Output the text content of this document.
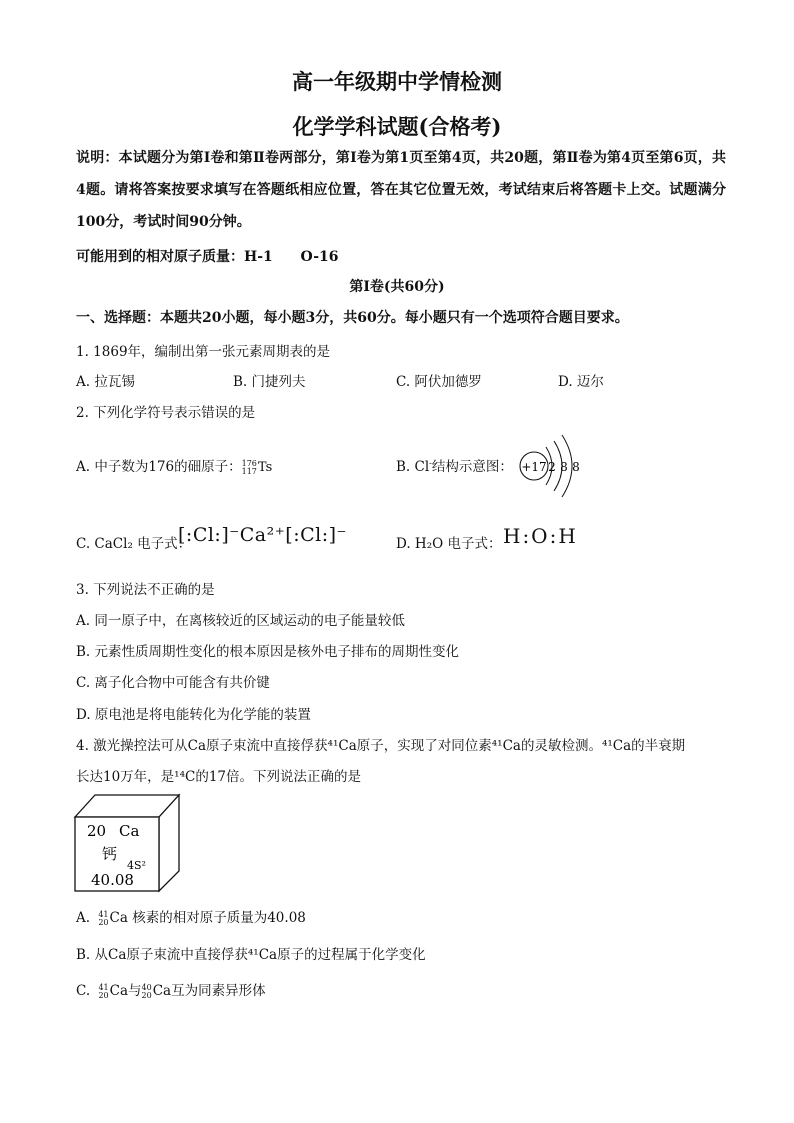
高一年级期中学情检测
化学学科试题(合格考)
说明：本试题分为第Ⅰ卷和第Ⅱ卷两部分，第Ⅰ卷为第1页至第4页，共20题，第Ⅱ卷为第4页至第6页，共4题。请将答案按要求填写在答题纸相应位置，答在其它位置无效，考试结束后将答题卡上交。试题满分100分，考试时间90分钟。
可能用到的相对原子质量：H-1 O-16
第Ⅰ卷(共60分)
一、选择题：本题共20小题，每小题3分，共60分。每小题只有一个选项符合题目要求。
1. 1869年，编制出第一张元素周期表的是
A. 拉瓦锡	B. 门捷列夫	C. 阿伏加德罗	D. 迈尔
2. 下列化学符号表示错误的是
A. 中子数为176的鿬原子：176
117Ts	B. Cl-结构示意图： +17 2 8 8
C. CaCl₂ 电子式：
[:Cl:]⁻Ca²⁺[:Cl:]⁻	D. H₂O 电子式： H:O:H
3. 下列说法不正确的是
A. 同一原子中，在离核较近的区域运动的电子能量较低
B. 元素性质周期性变化的根本原因是核外电子排布的周期性变化
C. 离子化合物中可能含有共价键
D. 原电池是将电能转化为化学能的装置
4. 激光操控法可从Ca原子束流中直接俘获⁴¹Ca原子，实现了对同位素⁴¹Ca的灵敏检测。⁴¹Ca的半衰期
长达10万年，是¹⁴C的17倍。下列说法正确的是
20 Ca
钙
4S²
40.08
A. 41
20Ca 核素的相对原子质量为40.08
B. 从Ca原子束流中直接俘获⁴¹Ca原子的过程属于化学变化
C. 41
20Ca与40
20Ca互为同素异形体
